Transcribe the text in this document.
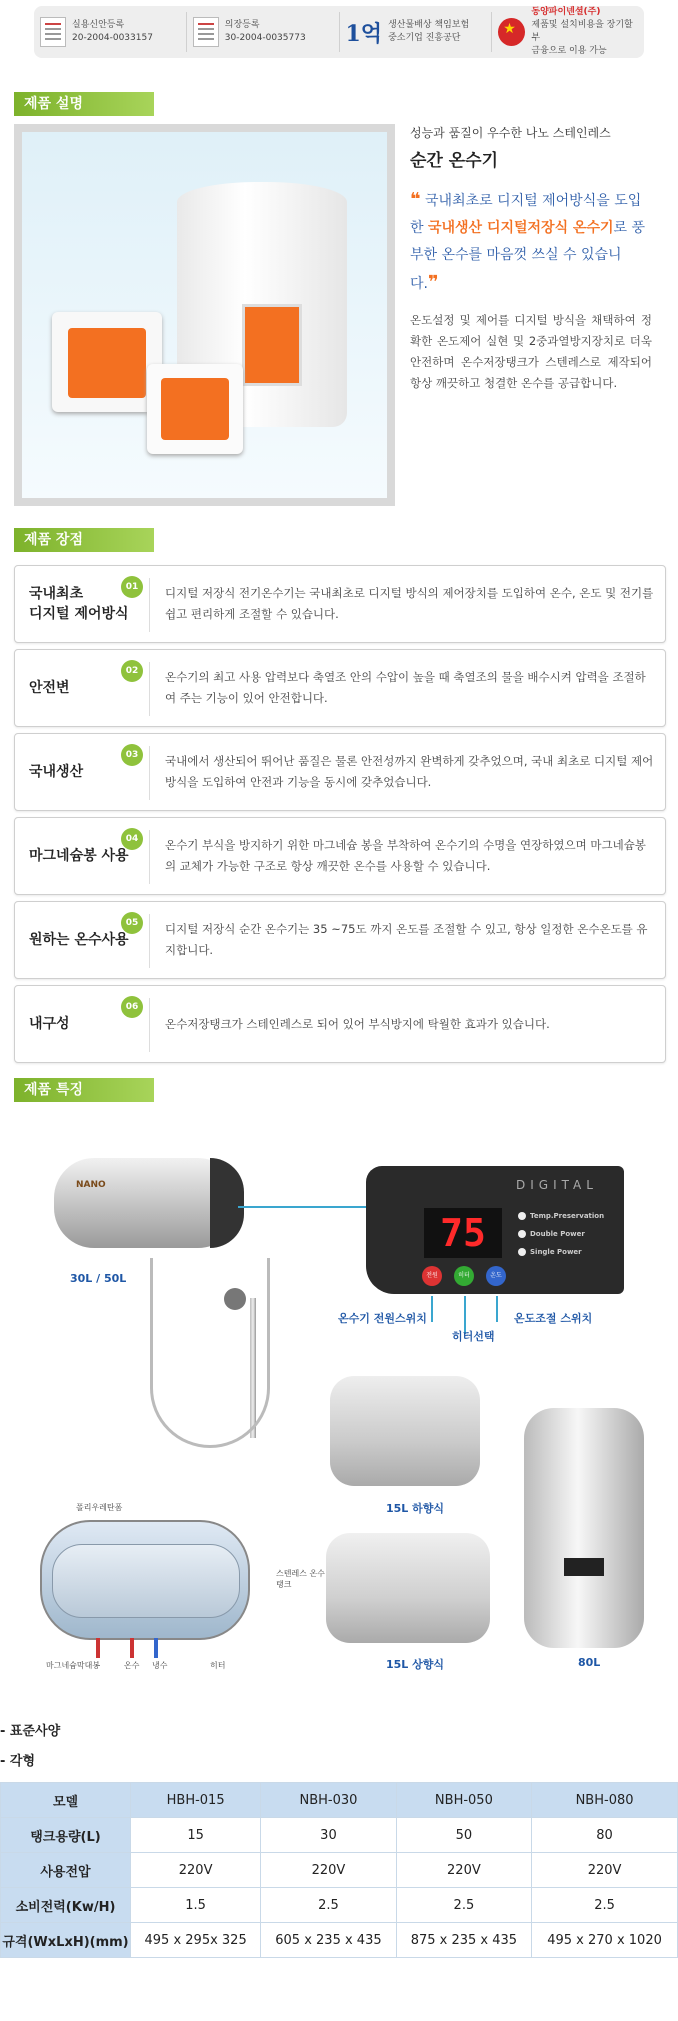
실용신안등록
20-2004-0033157
의장등록
30-2004-0035773 1억 생산물배상 책임보험
중소기업 진흥공단
★
동양파이넨셜(주)
제품및 설치비용을 장기할부
금융으로 이용 가능
제품 설명
성능과 품질이 우수한 나노 스테인레스
순간 온수기
❝ 국내최초로 디지털 제어방식을 도입한 국내생산 디지털저장식 온수기로 풍부한 온수를 마음껏 쓰실 수 있습니다.❞
온도설정 및 제어를 디지털 방식을 채택하여 정확한 온도제어 실현 및 2중과열방지장치로 더욱 안전하며 온수저장탱크가 스텐레스로 제작되어 항상 깨끗하고 청결한 온수를 공급합니다.
제품 장점
국내최초
디지털 제어방식
01	디지털 저장식 전기온수기는 국내최초로 디지털 방식의 제어장치를 도입하여 온수, 온도 및 전기를 쉽고 편리하게 조절할 수 있습니다.
안전변
02	온수기의 최고 사용 압력보다 축열조 안의 수압이 높을 때 축열조의 물을 배수시켜 압력을 조절하여 주는 기능이 있어 안전합니다.
국내생산
03	국내에서 생산되어 뛰어난 품질은 물론 안전성까지 완벽하게 갖추었으며, 국내 최초로 디지털 제어 방식을 도입하여 안전과 기능을 동시에 갖추었습니다.
마그네슘봉 사용
04	온수기 부식을 방지하기 위한 마그네슘 봉을 부착하여 온수기의 수명을 연장하였으며 마그네슘봉의 교체가 가능한 구조로 항상 깨끗한 온수를 사용할 수 있습니다.
원하는 온수사용
05	디지털 저장식 순간 온수기는 35 ~75도 까지 온도를 조절할 수 있고, 항상 일정한 온수온도를 유지합니다.
내구성
06
온수저장탱크가 스테인레스로 되어 있어 부식방지에 탁월한 효과가 있습니다.
제품 특징
NANO
30L / 50L
DIGITAL
75	Temp.Preservation
Double Power
Single Power
전원	히터	온도
온수기 전원스위치
히터선택
온도조절 스위치
15L 하향식
15L 상향식	80L
폴리우레탄폼
스텐레스 온수 탱크
마그네슘막대봉	온수 냉수	히터
- 표준사양
- 각형
모델	HBH-015	NBH-030	NBH-050	NBH-080
탱크용량(L)	15	30	50	80
사용전압	220V	220V	220V	220V
소비전력(Kw/H)	1.5	2.5	2.5	2.5
규격(WxLxH)(mm)	495 x 295x 325	605 x 235 x 435	875 x 235 x 435	495 x 270 x 1020
